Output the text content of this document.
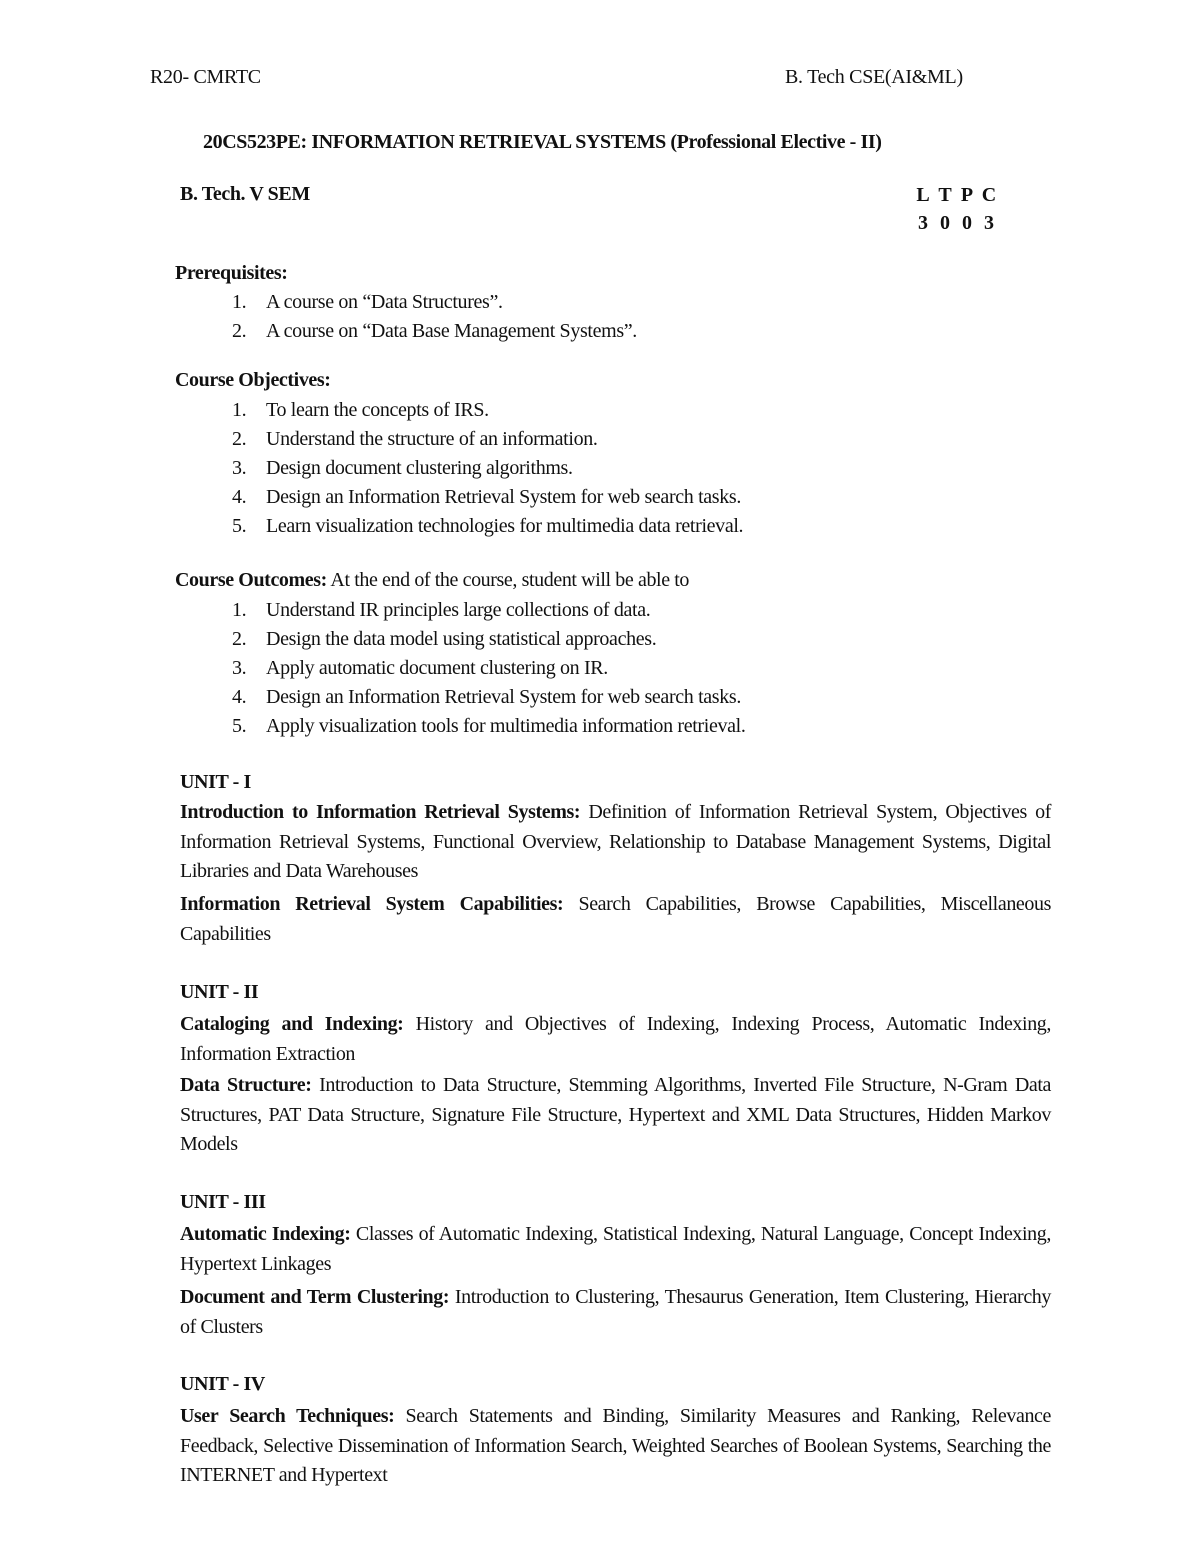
R20- CMRTC	B. Tech CSE(AI&ML)
20CS523PE: INFORMATION RETRIEVAL SYSTEMS (Professional Elective - II)
B. Tech. V SEM	L T P C
3 0 0 3
Prerequisites:
1. A course on “Data Structures”.
2. A course on “Data Base Management Systems”.
Course Objectives:
1. To learn the concepts of IRS.
2. Understand the structure of an information.
3. Design document clustering algorithms.
4. Design an Information Retrieval System for web search tasks.
5. Learn visualization technologies for multimedia data retrieval.
Course Outcomes: At the end of the course, student will be able to
1. Understand IR principles large collections of data.
2. Design the data model using statistical approaches.
3. Apply automatic document clustering on IR.
4. Design an Information Retrieval System for web search tasks.
5. Apply visualization tools for multimedia information retrieval.
UNIT - I

Introduction to Information Retrieval Systems: Definition of Information Retrieval System, Objectives of Information Retrieval Systems, Functional Overview, Relationship to Database Management Systems, Digital Libraries and Data Warehouses

Information Retrieval System Capabilities: Search Capabilities, Browse Capabilities, Miscellaneous Capabilities

UNIT - II

Cataloging and Indexing: History and Objectives of Indexing, Indexing Process, Automatic Indexing, Information Extraction

Data Structure: Introduction to Data Structure, Stemming Algorithms, Inverted File Structure, N-Gram Data Structures, PAT Data Structure, Signature File Structure, Hypertext and XML Data Structures, Hidden Markov Models

UNIT - III

Automatic Indexing: Classes of Automatic Indexing, Statistical Indexing, Natural Language, Concept Indexing, Hypertext Linkages

Document and Term Clustering: Introduction to Clustering, Thesaurus Generation, Item Clustering, Hierarchy of Clusters

UNIT - IV

User Search Techniques: Search Statements and Binding, Similarity Measures and Ranking, Relevance Feedback, Selective Dissemination of Information Search, Weighted Searches of Boolean Systems, Searching the INTERNET and Hypertext
